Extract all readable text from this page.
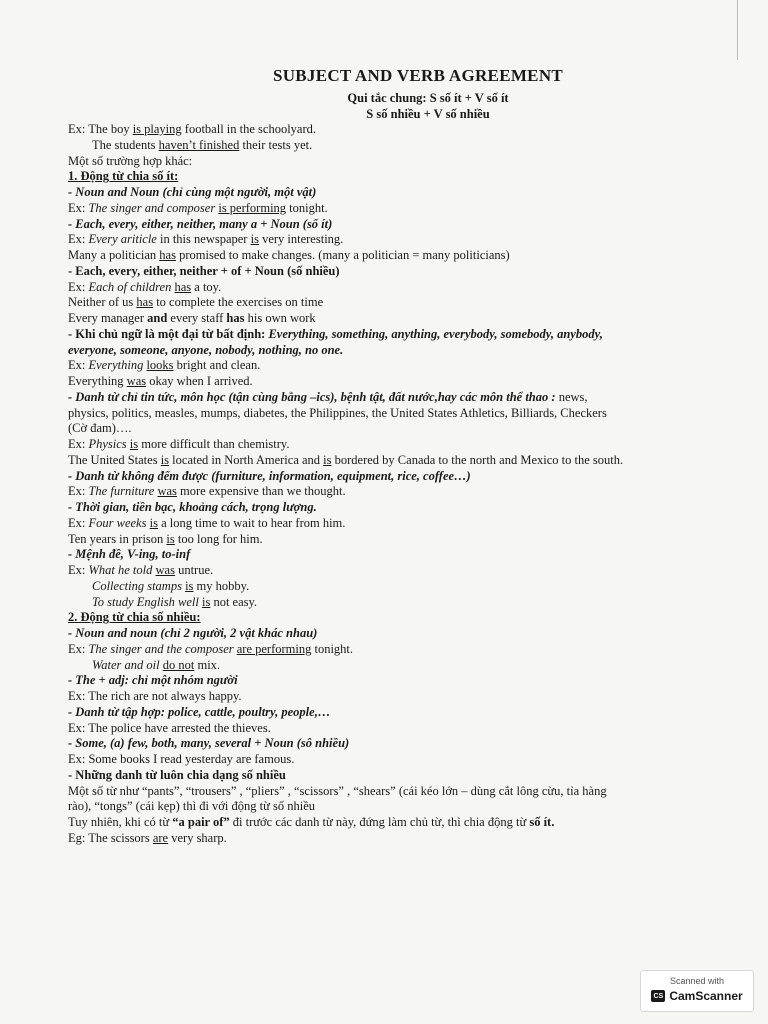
SUBJECT AND VERB AGREEMENT
Qui tắc chung: S số ít + V số ít
S số nhiều + V số nhiều
Ex: The boy is playing football in the schoolyard.
The students haven’t finished their tests yet.
Một số trường hợp khác:
1. Động từ chia số ít:
- Noun and Noun (chỉ cùng một người, một vật)
Ex: The singer and composer is performing tonight.
- Each, every, either, neither, many a + Noun (số ít)
Ex: Every ariticle in this newspaper is very interesting.
Many a politician has promised to make changes. (many a politician = many politicians)
- Each, every, either, neither + of + Noun (số nhiều)
Ex: Each of children has a toy.
Neither of us has to complete the exercises on time
Every manager and every staff has his own work
- Khi chủ ngữ là một đại từ bất định: Everything, something, anything, everybody, somebody, anybody,
everyone, someone, anyone, nobody, nothing, no one.
Ex: Everything looks bright and clean.
Everything was okay when I arrived.
- Danh từ chỉ tin tức, môn học (tận cùng bằng –ics), bệnh tật, đất nước,hay các môn thể thao : news,
physics, politics, measles, mumps, diabetes, the Philippines, the United States Athletics, Billiards, Checkers
(Cờ đam)….
Ex: Physics is more difficult than chemistry.
The United States is located in North America and is bordered by Canada to the north and Mexico to the south.
- Danh từ không đếm được (furniture, information, equipment, rice, coffee…)
Ex: The furniture was more expensive than we thought.
- Thời gian, tiền bạc, khoảng cách, trọng lượng.
Ex: Four weeks is a long time to wait to hear from him.
Ten years in prison is too long for him.
- Mệnh đề, V-ing, to-inf
Ex: What he told was untrue.
Collecting stamps is my hobby.
To study English well is not easy.
2. Động từ chia số nhiều:
- Noun and noun (chỉ 2 người, 2 vật khác nhau)
Ex: The singer and the composer are performing tonight.
Water and oil do not mix.
- The + adj: chỉ một nhóm người
Ex: The rich are not always happy.
- Danh từ tập hợp: police, cattle, poultry, people,…
Ex: The police have arrested the thieves.
- Some, (a) few, both, many, several + Noun (sô nhiều)
Ex: Some books I read yesterday are famous.
- Những danh từ luôn chia dạng số nhiều
Một số từ như “pants”, “trousers” , “pliers” , “scissors” , “shears” (cái kéo lớn – dùng cắt lông cừu, tỉa hàng
rào), “tongs” (cái kẹp) thì đi với động từ số nhiều
Tuy nhiên, khi có từ “a pair of” đi trước các danh từ này, đứng làm chủ từ, thì chia động từ số ít.
Eg: The scissors are very sharp.
Scanned with
CS CamScanner
